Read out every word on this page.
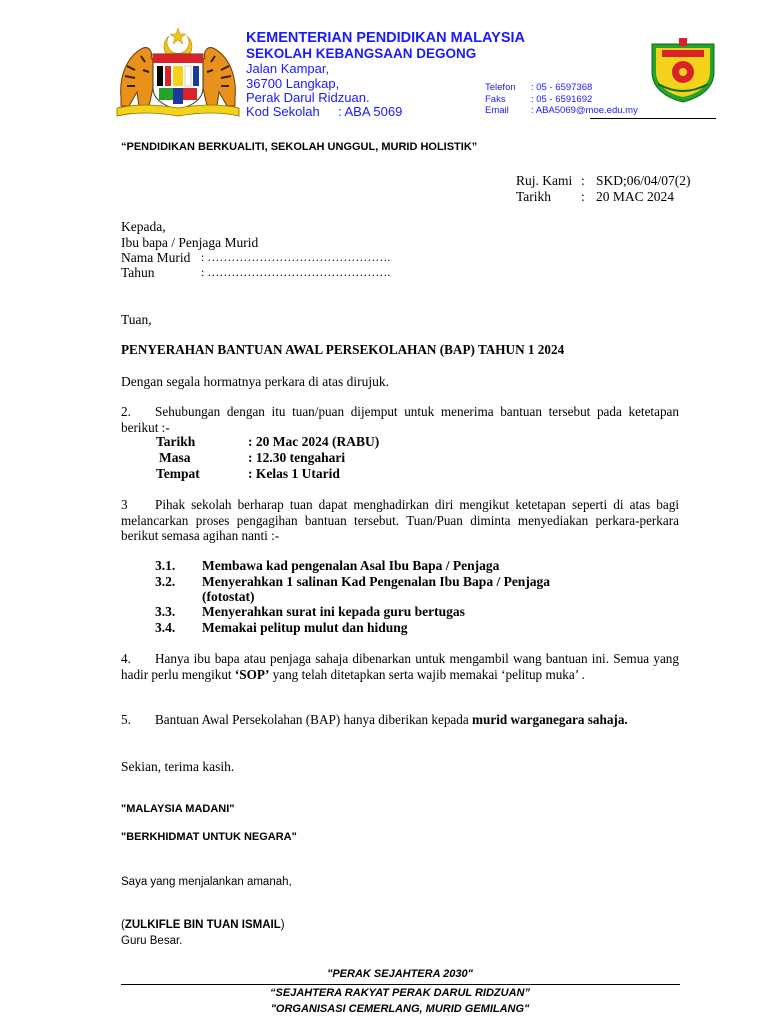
KEMENTERIAN PENDIDIKAN MALAYSIA
SEKOLAH KEBANGSAAN DEGONG
Jalan Kampar,
36700 Langkap,
Perak Darul Ridzuan.
Kod Sekolah : ABA 5069
Telefon : 05 - 6597368
Faks	: 05 - 6591692
Email : ABA5069@moe.edu.my
“PENDIDIKAN BERKUALITI, SEKOLAH UNGGUL, MURID HOLISTIK”
Ruj. Kami : SKD;06/04/07(2)
Tarikh : 20 MAC 2024
Kepada,
Ibu bapa / Penjaga Murid
Nama Murid : ……………………………………….
Tahun	: ……………………………………….
Tuan,
PENYERAHAN BANTUAN AWAL PERSEKOLAHAN (BAP) TAHUN 1 2024
Dengan segala hormatnya perkara di atas dirujuk.
2. Sehubungan dengan itu tuan/puan dijemput untuk menerima bantuan tersebut pada ketetapan berikut :-
Tarikh	: 20 Mac 2024 (RABU)
Masa	: 12.30 tengahari
Tempat	: Kelas 1 Utarid
3 Pihak sekolah berharap tuan dapat menghadirkan diri mengikut ketetapan seperti di atas bagi melancarkan proses pengagihan bantuan tersebut. Tuan/Puan diminta menyediakan perkara-perkara berikut semasa agihan nanti :-
3.1. Membawa kad pengenalan Asal Ibu Bapa / Penjaga
3.2. Menyerahkan 1 salinan Kad Pengenalan Ibu Bapa / Penjaga
(fotostat)
3.3. Menyerahkan surat ini kepada guru bertugas
3.4. Memakai pelitup mulut dan hidung
4. Hanya ibu bapa atau penjaga sahaja dibenarkan untuk mengambil wang bantuan ini. Semua yang hadir perlu mengikut ‘SOP’ yang telah ditetapkan serta wajib memakai ‘pelitup muka’ .
5. Bantuan Awal Persekolahan (BAP) hanya diberikan kepada murid warganegara sahaja.
Sekian, terima kasih.
"MALAYSIA MADANI"
"BERKHIDMAT UNTUK NEGARA"
Saya yang menjalankan amanah,
(ZULKIFLE BIN TUAN ISMAIL)
Guru Besar.
"PERAK SEJAHTERA 2030"
“SEJAHTERA RAKYAT PERAK DARUL RIDZUAN”
"ORGANISASI CEMERLANG, MURID GEMILANG"
